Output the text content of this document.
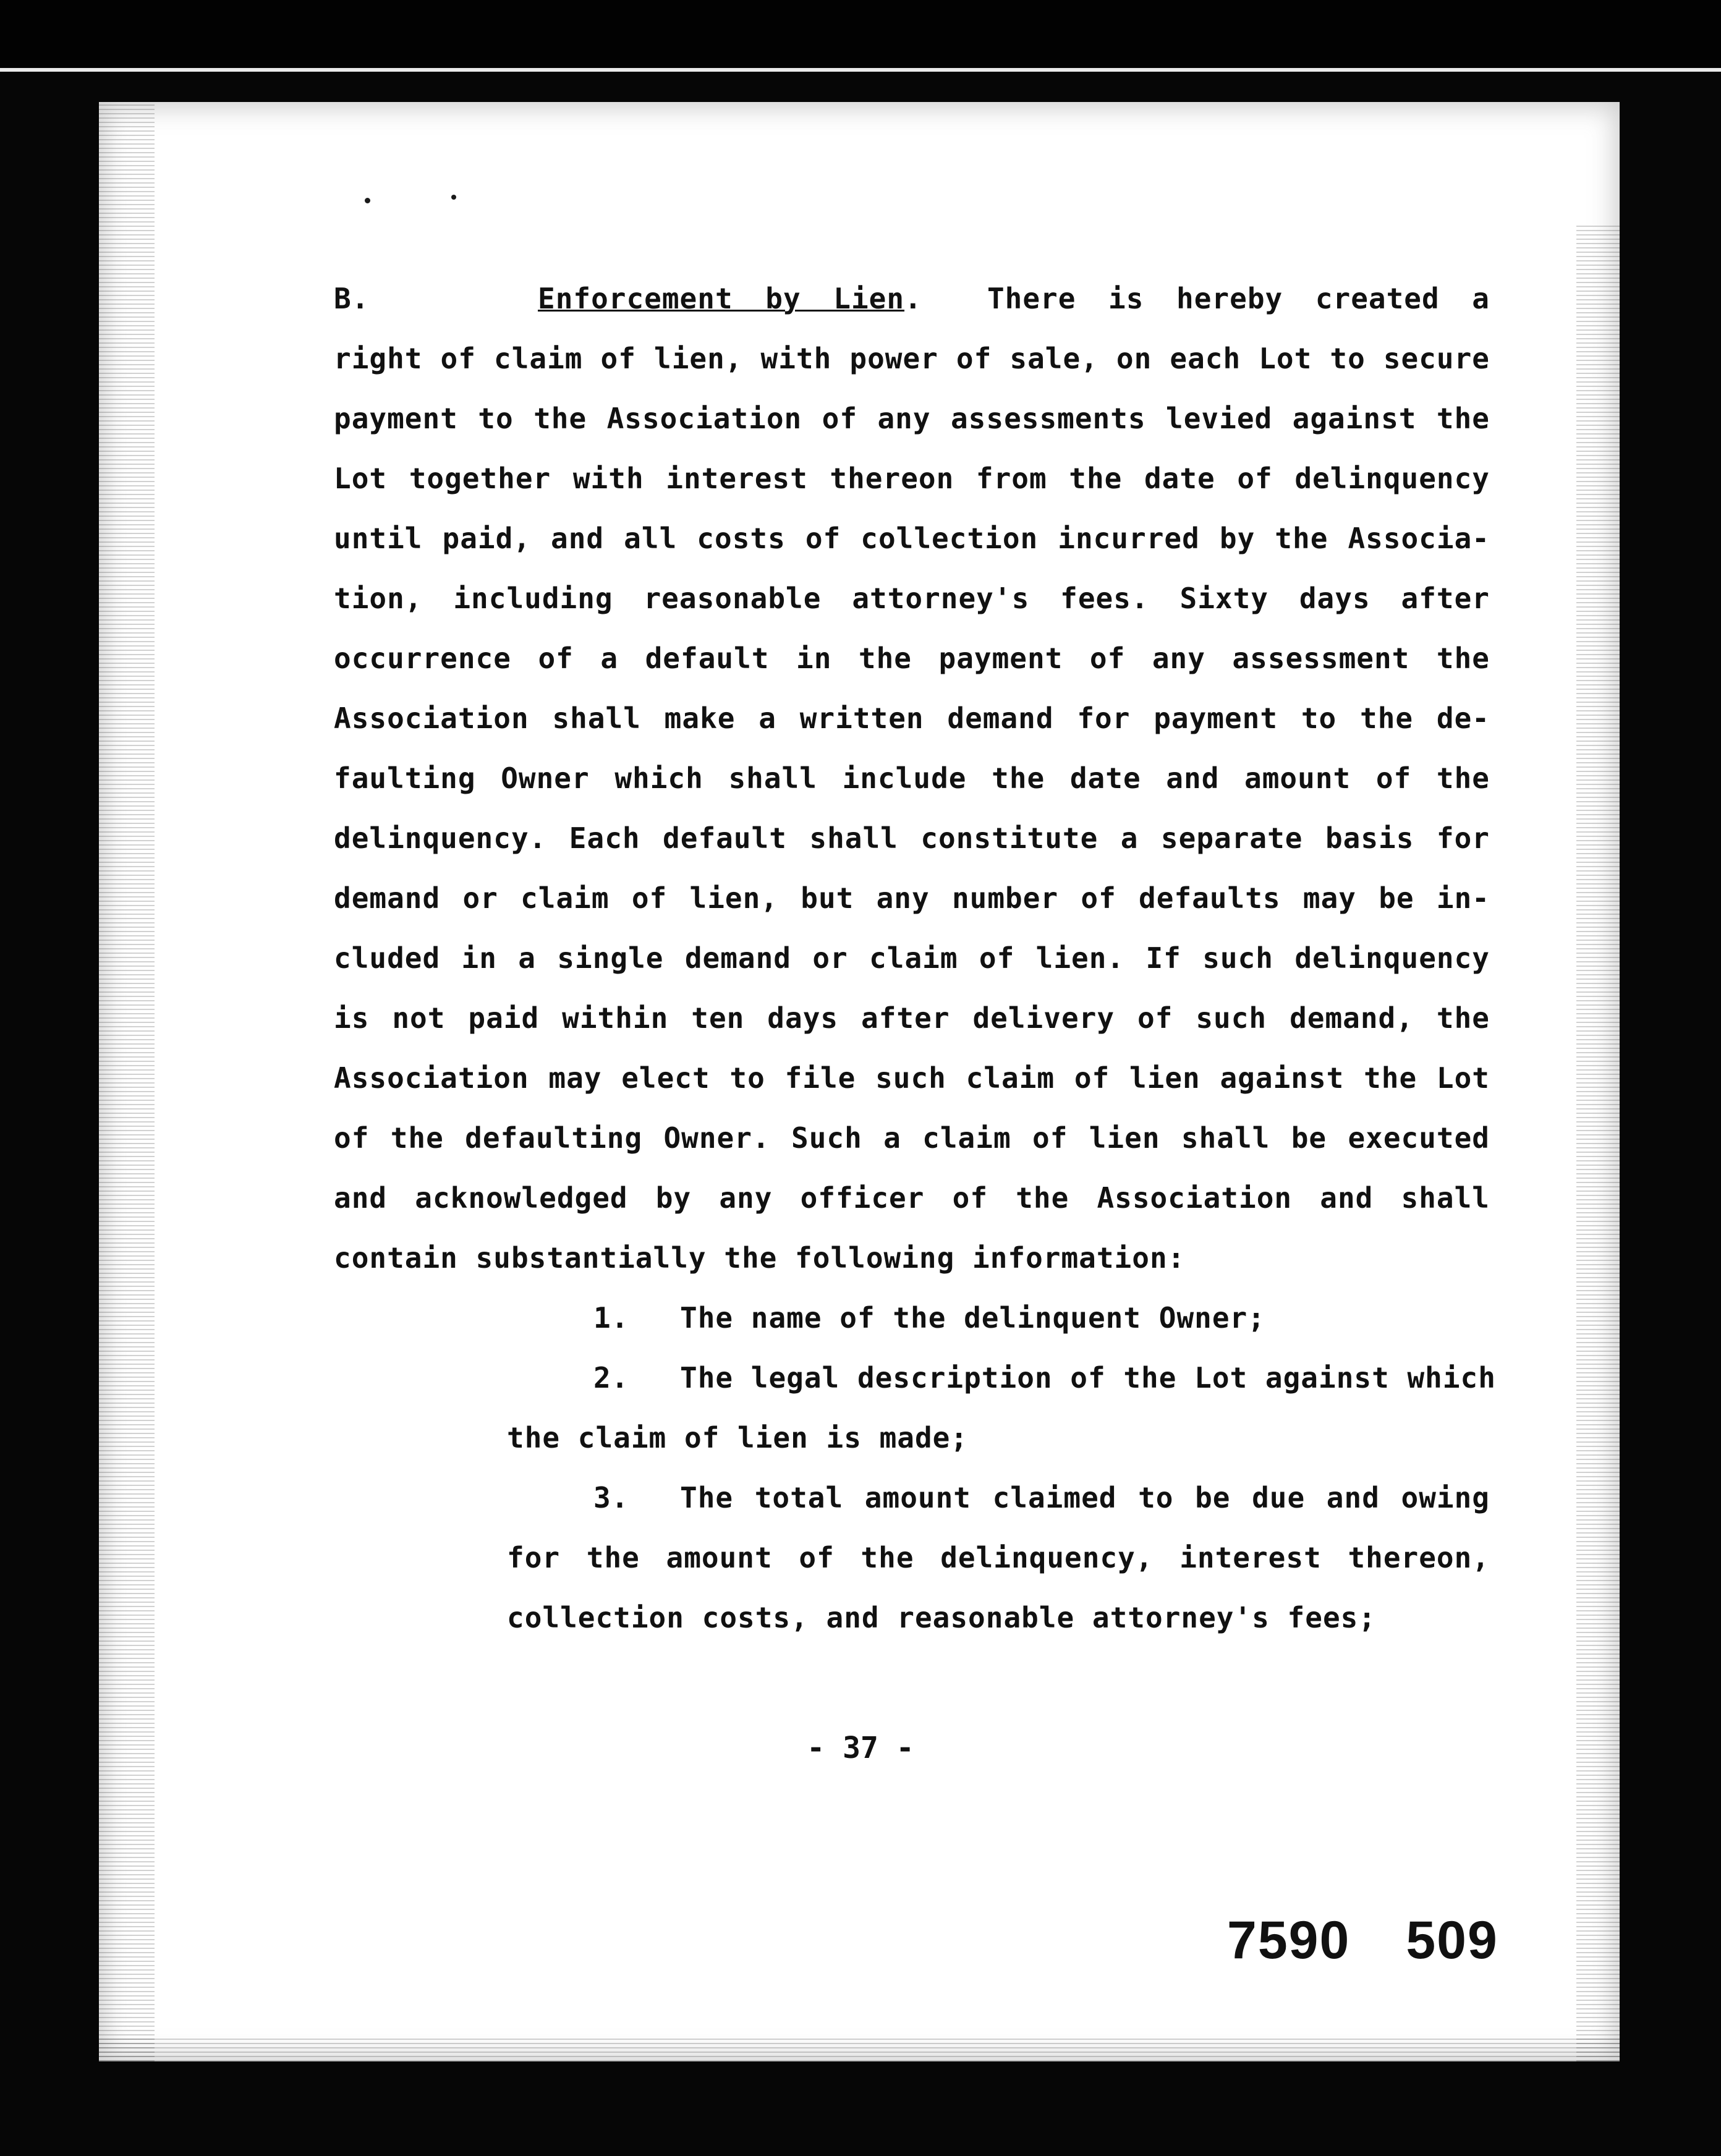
B.	Enforcement by Lien.  There is hereby created a
right of claim of lien, with power of sale, on each Lot to secure
payment to the Association of any assessments levied against the
Lot together with interest thereon from the date of delinquency
until paid, and all costs of collection incurred by the Associa-
tion, including reasonable attorney's fees. Sixty days after
occurrence of a default in the payment of any assessment the
Association shall make a written demand for payment to the de-
faulting Owner which shall include the date and amount of the
delinquency. Each default shall constitute a separate basis for
demand or claim of lien, but any number of defaults may be in-
cluded in a single demand or claim of lien. If such delinquency
is not paid within ten days after delivery of such demand, the
Association may elect to file such claim of lien against the Lot
of the defaulting Owner. Such a claim of lien shall be executed
and acknowledged by any officer of the Association and shall
contain substantially the following information:
1. The name of the delinquent Owner;
2. The legal description of the Lot against which
the claim of lien is made;
3. The total amount claimed to be due and owing
for the amount of the delinquency, interest thereon,
collection costs, and reasonable attorney's fees;
- 37 -
7590 509
